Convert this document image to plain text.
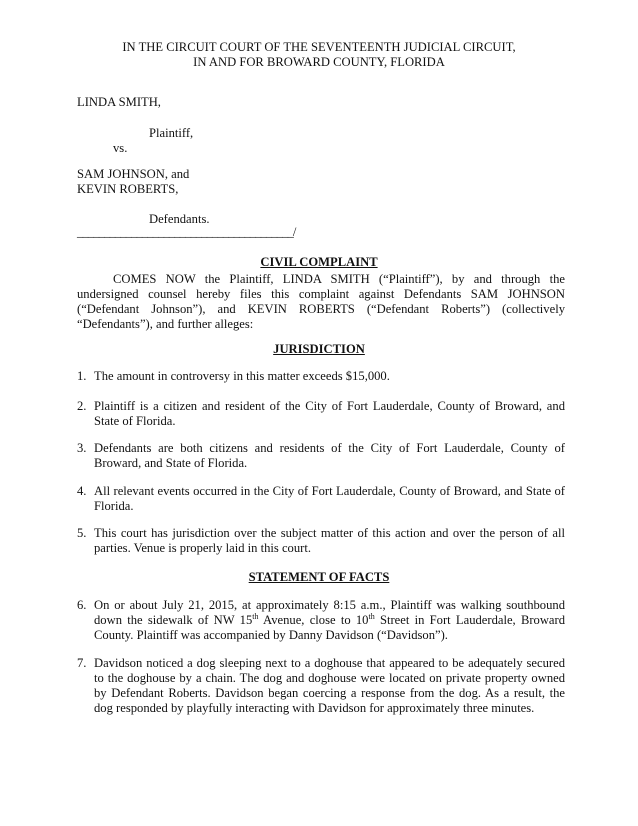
IN THE CIRCUIT COURT OF THE SEVENTEENTH JUDICIAL CIRCUIT,
IN AND FOR BROWARD COUNTY, FLORIDA
LINDA SMITH,
Plaintiff,
vs.
SAM JOHNSON, and
KEVIN ROBERTS,
Defendants.
________________________________________/
CIVIL COMPLAINT
COMES NOW the Plaintiff, LINDA SMITH (“Plaintiff”), by and through the undersigned counsel hereby files this complaint against Defendants SAM JOHNSON (“Defendant Johnson”), and KEVIN ROBERTS (“Defendant Roberts”) (collectively “Defendants”), and further alleges:
JURISDICTION
1. The amount in controversy in this matter exceeds $15,000.
2. Plaintiff is a citizen and resident of the City of Fort Lauderdale, County of Broward, and State of Florida.
3. Defendants are both citizens and residents of the City of Fort Lauderdale, County of Broward, and State of Florida.
4. All relevant events occurred in the City of Fort Lauderdale, County of Broward, and State of Florida.
5. This court has jurisdiction over the subject matter of this action and over the person of all parties. Venue is properly laid in this court.
STATEMENT OF FACTS
6. On or about July 21, 2015, at approximately 8:15 a.m., Plaintiff was walking southbound down the sidewalk of NW 15th Avenue, close to 10th Street in Fort Lauderdale, Broward County. Plaintiff was accompanied by Danny Davidson (“Davidson”).
7. Davidson noticed a dog sleeping next to a doghouse that appeared to be adequately secured to the doghouse by a chain. The dog and doghouse were located on private property owned by Defendant Roberts. Davidson began coercing a response from the dog. As a result, the dog responded by playfully interacting with Davidson for approximately three minutes.
